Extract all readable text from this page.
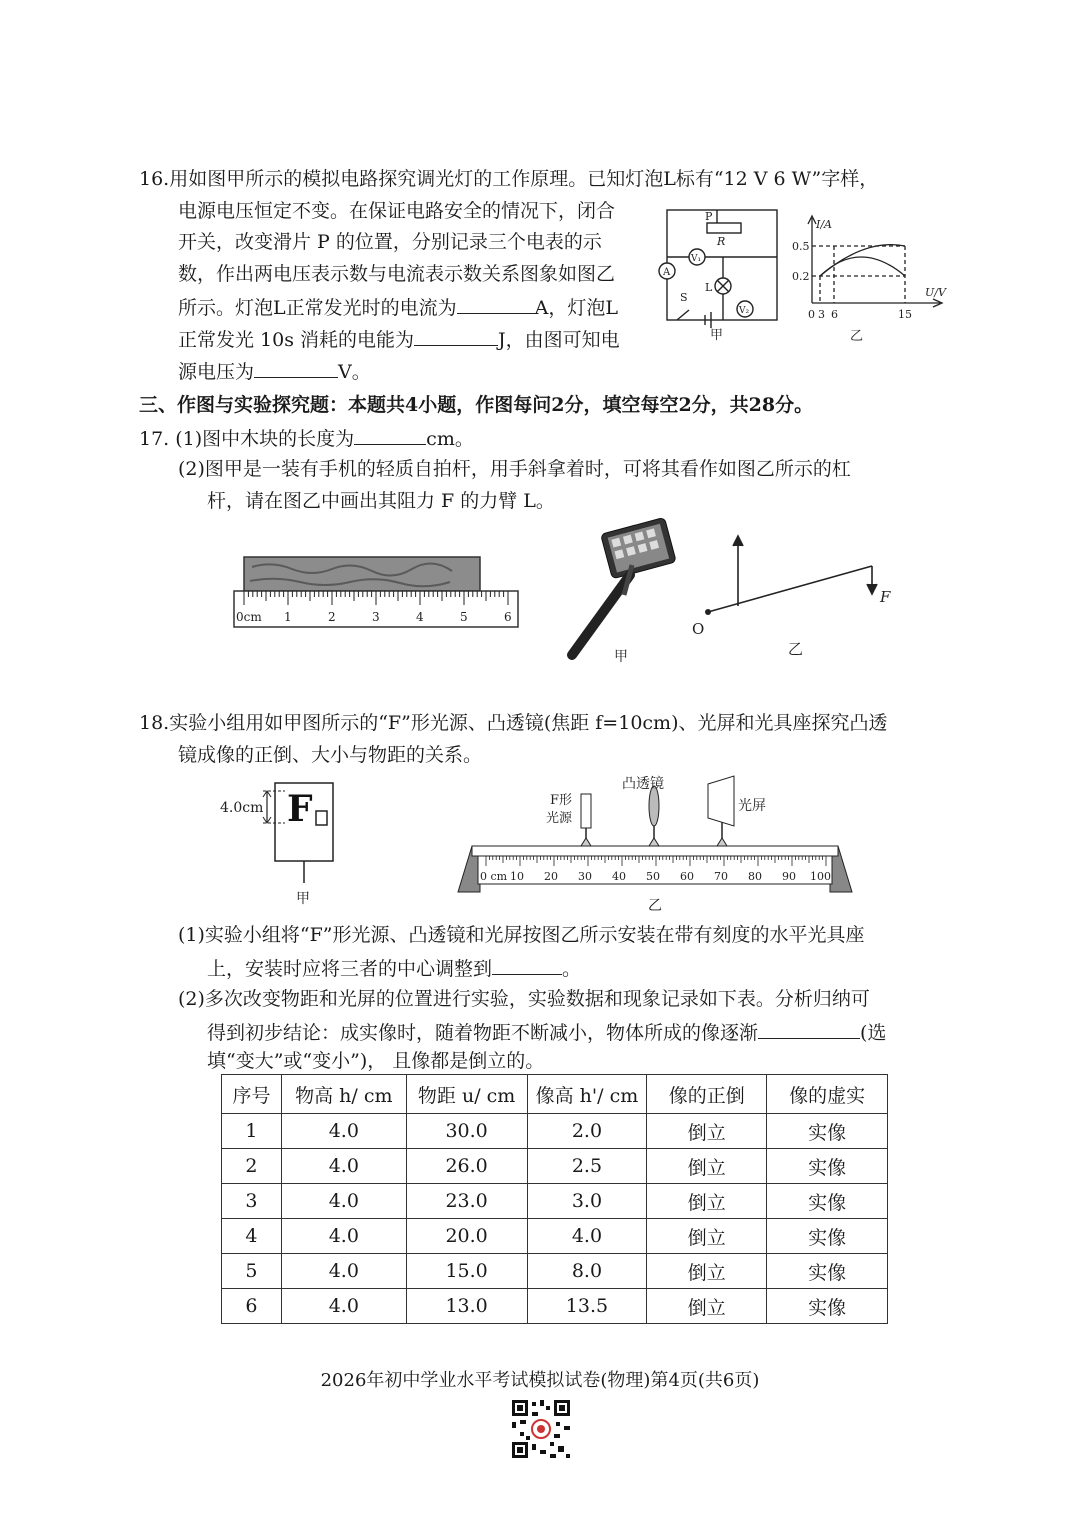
16.用如图甲所示的模拟电路探究调光灯的工作原理。已知灯泡L标有“12 V 6 W”字样，
电源电压恒定不变。在保证电路安全的情况下，闭合
开关，改变滑片 P 的位置，分别记录三个电表的示
数，作出两电压表示数与电流表示数关系图象如图乙
所示。灯泡L正常发光时的电流为	A，灯泡L
正常发光 10s 消耗的电能为	J，由图可知电
源电压为	V。
P
R
A
V₁
L
S
V₂
甲
I/A
U/V
0.5
0.2
0 3 6	15
乙
三、作图与实验探究题：本题共4小题，作图每问2分，填空每空2分，共28分。
17. (1)图中木块的长度为	cm。
(2)图甲是一装有手机的轻质自拍杆，用手斜拿着时，可将其看作如图乙所示的杠
杆，请在图乙中画出其阻力 F 的力臂 L。
0cm 1	2	3	4	5	6
甲
O
F
乙
18.实验小组用如甲图所示的“F”形光源、凸透镜(焦距 f=10cm)、光屏和光具座探究凸透
镜成像的正倒、大小与物距的关系。
F
4.0cm
甲
0 cm 10 20 30 40 50 60 70 80 90 100
F形
光源
凸透镜
光屏
乙
(1)实验小组将“F”形光源、凸透镜和光屏按图乙所示安装在带有刻度的水平光具座
上，安装时应将三者的中心调整到	。
(2)多次改变物距和光屏的位置进行实验，实验数据和现象记录如下表。分析归纳可
得到初步结论：成实像时，随着物距不断减小，物体所成的像逐渐	(选
填“变大”或“变小”)， 且像都是倒立的。
序号	物高 h/ cm	物距 u/ cm	像高 h'/ cm	像的正倒	像的虚实
1	4.0	30.0	2.0	倒立	实像
2	4.0	26.0	2.5	倒立	实像
3	4.0	23.0	3.0	倒立	实像
4	4.0	20.0	4.0	倒立	实像
5	4.0	15.0	8.0	倒立	实像
6	4.0	13.0	13.5	倒立	实像
2026年初中学业水平考试模拟试卷(物理)第4页(共6页)
